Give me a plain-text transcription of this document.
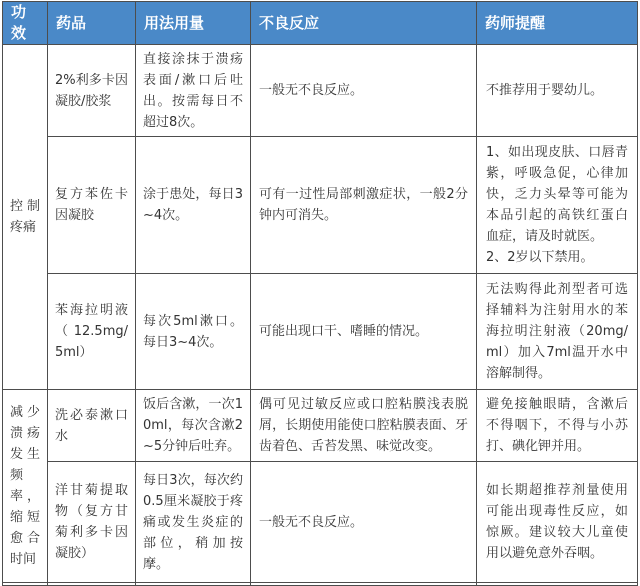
功效	药品	用法用量	不良反应	药师提醒
控制疼痛	2%利多卡因凝胶/胶浆	直接涂抹于溃疡表面/漱口后吐出。按需每日不超过8次。	一般无不良反应。	不推荐用于婴幼儿。

	复方苯佐卡因凝胶	涂于患处，每日3~4次。	可有一过性局部刺激症状，一般2分钟内可消失。	1、如出现皮肤、口唇青紫，呼吸急促，心律加快，乏力头晕等可能为本品引起的高铁红蛋白血症，请及时就医。
2、2岁以下禁用。

	苯海拉明液（12.5mg/5ml）	每次5ml漱口。每日3~4次。	可能出现口干、嗜睡的情况。	无法购得此剂型者可选择辅料为注射用水的苯海拉明注射液（20mg/ml）加入7ml温开水中溶解制得。

减少溃疡发生频率，缩短愈合时间	洗必泰漱口水	饭后含漱，一次10ml，每次含漱2~5分钟后吐弃。	偶可见过敏反应或口腔粘膜浅表脱屑，长期使用能使口腔粘膜表面、牙齿着色、舌苔发黑、味觉改变。	避免接触眼睛，含漱后不得咽下，不得与小苏打、碘化钾并用。

	洋甘菊提取物（复方甘菊利多卡因凝胶）	每日3次，每次约0.5厘米凝胶于疼痛或发生炎症的部位，稍加按摩。	一般无不良反应。	如长期超推荐剂量使用可能出现毒性反应，如惊厥。建议较大儿童使用以避免意外吞咽。
